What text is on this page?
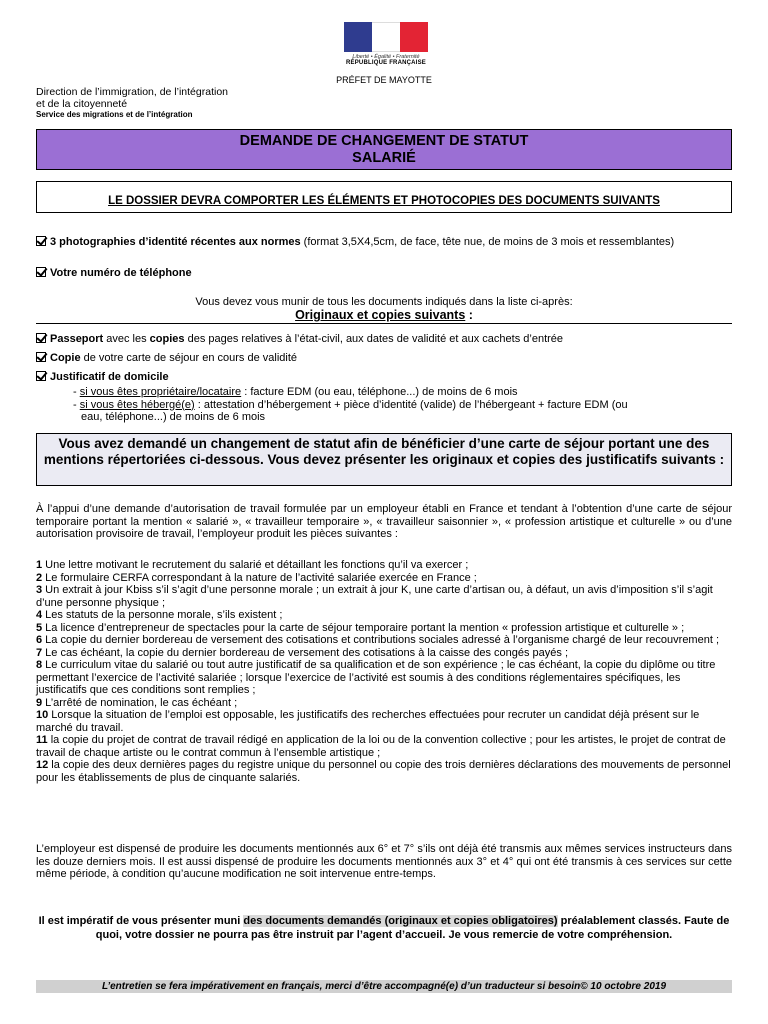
Liberté • Égalité • Fraternité
RÉPUBLIQUE FRANÇAISE
PRÉFET DE MAYOTTE
Direction de l’immigration, de l’intégration
et de la citoyenneté
Service des migrations et de l’intégration
DEMANDE DE CHANGEMENT DE STATUT
SALARIÉ
LE DOSSIER DEVRA COMPORTER LES ÉLÉMENTS ET PHOTOCOPIES DES DOCUMENTS SUIVANTS
3 photographies d’identité récentes aux normes (format 3,5X4,5cm, de face, tête nue, de moins de 3 mois et ressemblantes)
Votre numéro de téléphone
Vous devez vous munir de tous les documents indiqués dans la liste ci-après:
Originaux et copies suivants :
Passeport avec les copies des pages relatives à l’état-civil, aux dates de validité et aux cachets d’entrée
Copie de votre carte de séjour en cours de validité
Justificatif de domicile
- si vous êtes propriétaire/locataire : facture EDM (ou eau, téléphone...) de moins de 6 mois
- si vous êtes hébergé(e) : attestation d’hébergement + pièce d’identité (valide) de l’hébergeant + facture EDM (ou
eau, téléphone...) de moins de 6 mois
Vous avez demandé un changement de statut afin de bénéficier d’une carte de séjour portant une des mentions répertoriées ci-dessous. Vous devez présenter les originaux et copies des justificatifs suivants :
À l’appui d’une demande d’autorisation de travail formulée par un employeur établi en France et tendant à l’obtention d’une carte de séjour temporaire portant la mention « salarié », « travailleur temporaire », « travailleur saisonnier », « profession artistique et culturelle » ou d’une autorisation provisoire de travail, l’employeur produit les pièces suivantes :
1 Une lettre motivant le recrutement du salarié et détaillant les fonctions qu’il va exercer ;
2 Le formulaire CERFA correspondant à la nature de l’activité salariée exercée en France ;
3 Un extrait à jour Kbiss s’il s’agit d’une personne morale ; un extrait à jour K, une carte d’artisan ou, à défaut, un avis d’imposition s’il s’agit d’une personne physique ;
4 Les statuts de la personne morale, s’ils existent ;
5 La licence d’entrepreneur de spectacles pour la carte de séjour temporaire portant la mention « profession artistique et culturelle » ;
6 La copie du dernier bordereau de versement des cotisations et contributions sociales adressé à l’organisme chargé de leur recouvrement ;
7 Le cas échéant, la copie du dernier bordereau de versement des cotisations à la caisse des congés payés ;
8 Le curriculum vitae du salarié ou tout autre justificatif de sa qualification et de son expérience ; le cas échéant, la copie du diplôme ou titre permettant l’exercice de l’activité salariée ; lorsque l’exercice de l’activité est soumis à des conditions réglementaires spécifiques, les justificatifs que ces conditions sont remplies ;
9 L’arrêté de nomination, le cas échéant ;
10 Lorsque la situation de l’emploi est opposable, les justificatifs des recherches effectuées pour recruter un candidat déjà présent sur le marché du travail.
11 la copie du projet de contrat de travail rédigé en application de la loi ou de la convention collective ; pour les artistes, le projet de contrat de travail de chaque artiste ou le contrat commun à l’ensemble artistique ;
12 la copie des deux dernières pages du registre unique du personnel ou copie des trois dernières déclarations des mouvements de personnel pour les établissements de plus de cinquante salariés.
L’employeur est dispensé de produire les documents mentionnés aux 6° et 7° s’ils ont déjà été transmis aux mêmes services instructeurs dans les douze derniers mois. Il est aussi dispensé de produire les documents mentionnés aux 3° et 4° qui ont été transmis à ces services sur cette même période, à condition qu’aucune modification ne soit intervenue entre-temps.
Il est impératif de vous présenter muni des documents demandés (originaux et copies obligatoires) préalablement classés. Faute de quoi, votre dossier ne pourra pas être instruit par l’agent d’accueil. Je vous remercie de votre compréhension.
L’entretien se fera impérativement en français, merci d’être accompagné(e) d’un traducteur si besoin© 10 octobre 2019
